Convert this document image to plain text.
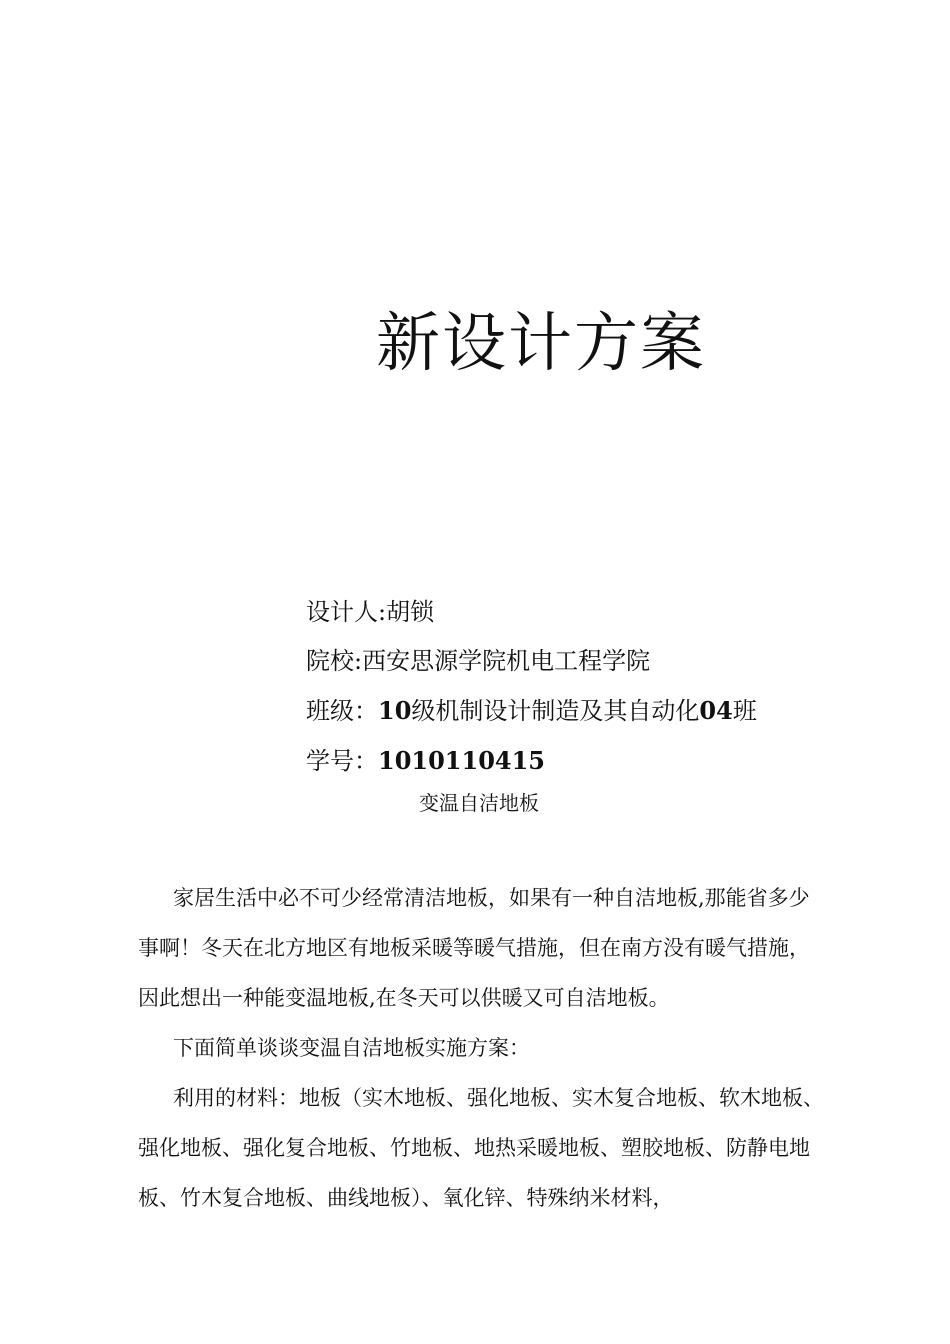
新设计方案
设计人:胡锁
院校:西安思源学院机电工程学院
班级：10级机制设计制造及其自动化04班
学号：1010110415
变温自洁地板

家居生活中必不可少经常清洁地板，如果有一种自洁地板,那能省多少事啊！冬天在北方地区有地板采暖等暖气措施，但在南方没有暖气措施，因此想出一种能变温地板,在冬天可以供暖又可自洁地板。

下面简单谈谈变温自洁地板实施方案：

利用的材料：地板（实木地板、强化地板、实木复合地板、软木地板、强化地板、强化复合地板、竹地板、地热采暖地板、塑胶地板、防静电地板、竹木复合地板、曲线地板）、氧化锌、特殊纳米材料，
